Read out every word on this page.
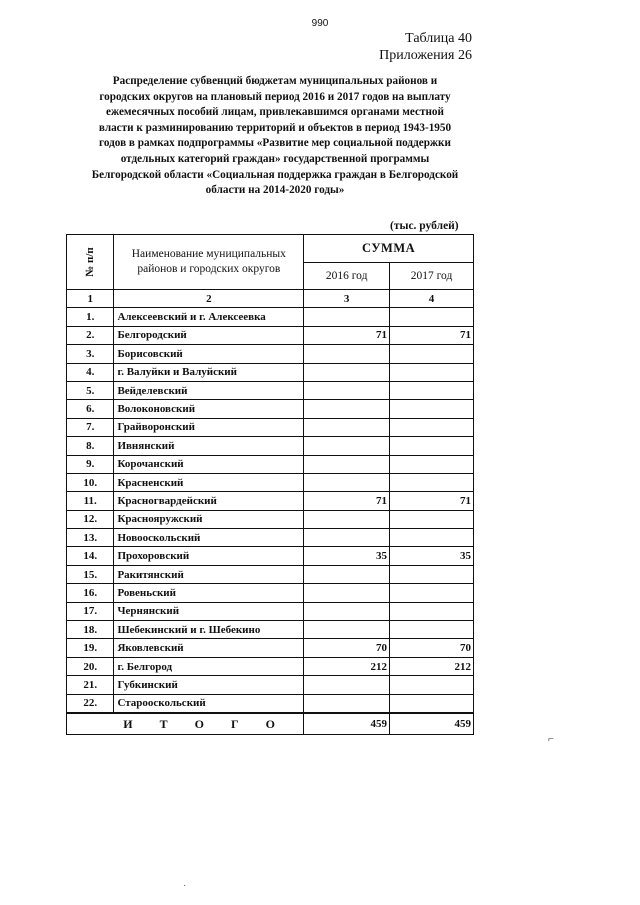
990
Таблица 40
Приложения 26
Распределение субвенций бюджетам муниципальных районов и
городских округов на плановый период 2016 и 2017 годов на выплату
ежемесячных пособий лицам, привлекавшимся органами местной
власти к разминированию территорий и объектов в период 1943-1950
годов в рамках подпрограммы «Развитие мер социальной поддержки
отдельных категорий граждан» государственной программы
Белгородской области «Социальная поддержка граждан в Белгородской
области на 2014-2020 годы»
(тыс. рублей)
№ п/п	Наименование муниципальных районов и городских округов	СУММА	
		2016 год	2017 год
1	2	3	4
1.	Алексеевский и г. Алексеевка		
2.	Белгородский	71	71
3.	Борисовский		
4.	г. Валуйки и Валуйский		
5.	Вейделевский		
6.	Волоконовский		
7.	Грайворонский		
8.	Ивнянский		
9.	Корочанский		
10.	Красненский		
11.	Красногвардейский	71	71
12.	Краснояружский		
13.	Новооскольский		
14.	Прохоровский	35	35
15.	Ракитянский		
16.	Ровеньский		
17.	Чернянский		
18.	Шебекинский и г. Шебекино		
19.	Яковлевский	70	70
20.	г. Белгород	212	212
21.	Губкинский		
22.	Старооскольский		
И Т О Г О		459	459
⌐
·
